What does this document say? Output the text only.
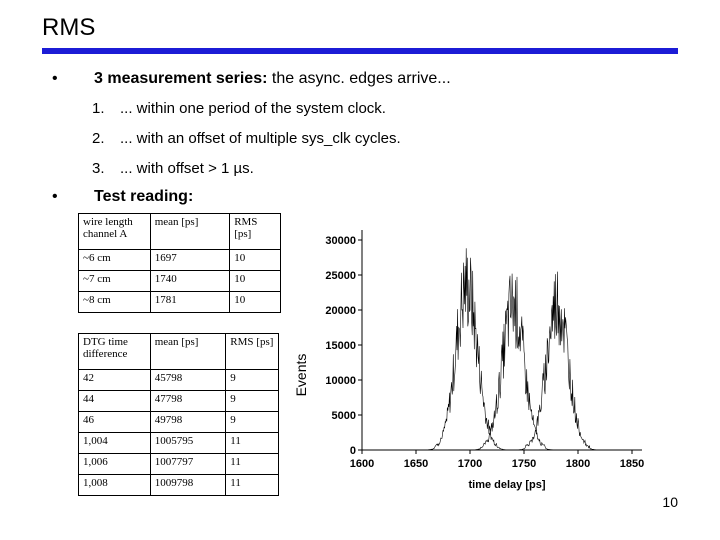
RMS
• 3 measurement series: the async. edges arrive...
1. ... within one period of the system clock.
2. ... with an offset of multiple sys_clk cycles.
3. ... with offset > 1 µs.
• Test reading:
wire length channel A	mean [ps]	RMS [ps]
~6 cm	1697	10
~7 cm	1740	10
~8 cm	1781	10
DTG time difference	mean [ps]	RMS [ps]
42	45798	9
44	47798	9
46	49798	9
1,004	1005795	11
1,006	1007797	11
1,008	1009798	11
0
5000
10000
15000
20000
25000
30000
1600	1650	1700	1750	1800	1850
time delay [ps]
Events
10
